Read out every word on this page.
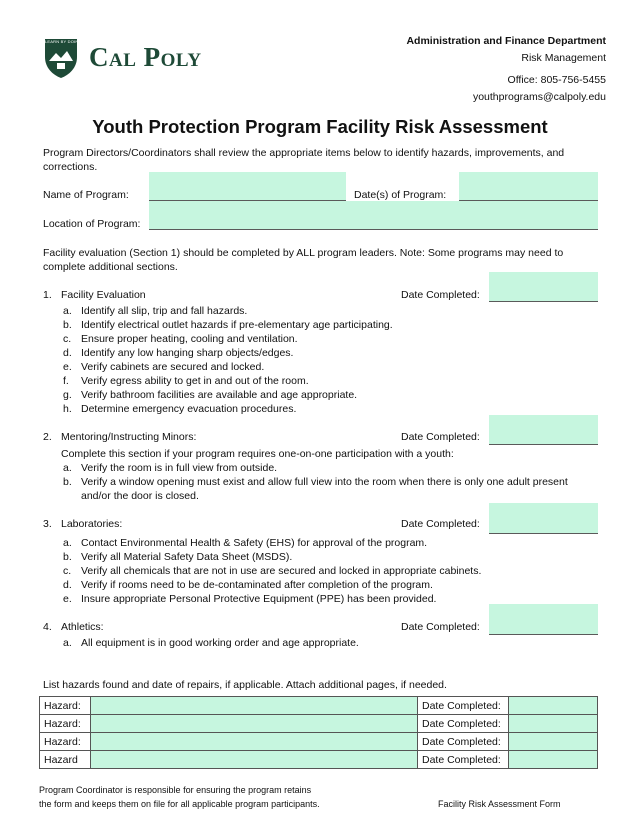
LEARN BY DOING
Cal Poly
Administration and Finance Department
Risk Management
Office: 805-756-5455
youthprograms@calpoly.edu
Youth Protection Program Facility Risk Assessment
Program Directors/Coordinators shall review the appropriate items below to identify hazards, improvements, and corrections.
Name of Program:	Date(s) of Program:
Location of Program:
Facility evaluation (Section 1) should be completed by ALL program leaders. Note: Some programs may need to complete additional sections.
1. Facility Evaluation	Date Completed:
a. Identify all slip, trip and fall hazards.
b. Identify electrical outlet hazards if pre-elementary age participating.
c. Ensure proper heating, cooling and ventilation.
d. Identify any low hanging sharp objects/edges.
e. Verify cabinets are secured and locked.
f. Verify egress ability to get in and out of the room.
g. Verify bathroom facilities are available and age appropriate.
h. Determine emergency evacuation procedures.
2. Mentoring/Instructing Minors:	Date Completed:
Complete this section if your program requires one-on-one participation with a youth:
a. Verify the room is in full view from outside.
b. Verify a window opening must exist and allow full view into the room when there is only one adult present and/or the door is closed.
3. Laboratories:	Date Completed:
a. Contact Environmental Health & Safety (EHS) for approval of the program.
b. Verify all Material Safety Data Sheet (MSDS).
c. Verify all chemicals that are not in use are secured and locked in appropriate cabinets.
d. Verify if rooms need to be de-contaminated after completion of the program.
e. Insure appropriate Personal Protective Equipment (PPE) has been provided.
4. Athletics:	Date Completed:
a. All equipment is in good working order and age appropriate.
List hazards found and date of repairs, if applicable. Attach additional pages, if needed.
Hazard:		Date Completed:	
Hazard:		Date Completed:	
Hazard:		Date Completed:	
Hazard		Date Completed:	
Program Coordinator is responsible for ensuring the program retains
the form and keeps them on file for all applicable program participants.	Facility Risk Assessment Form
